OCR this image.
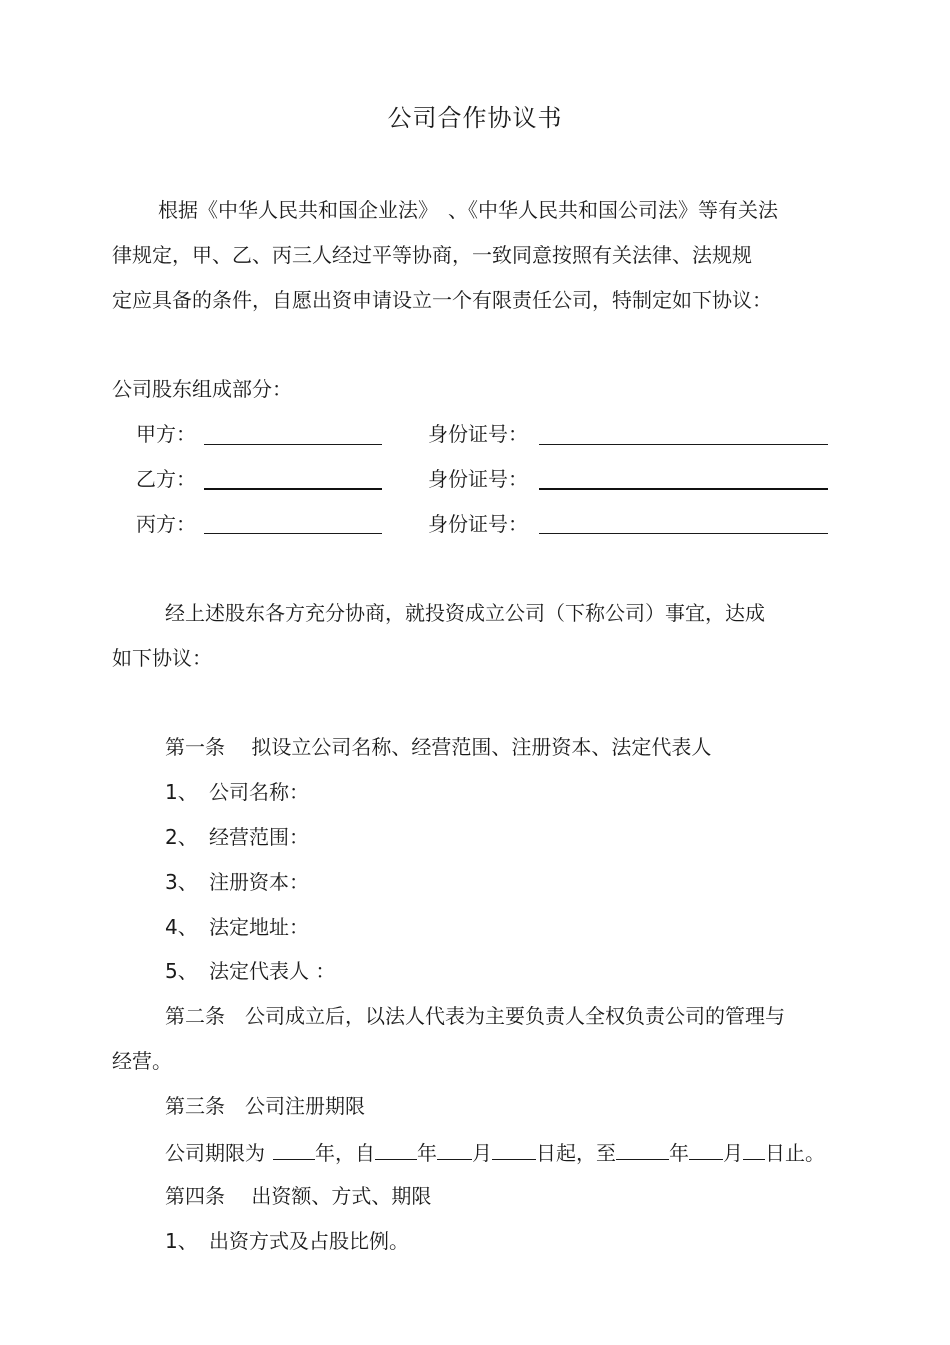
公司合作协议书
根据《中华人民共和国企业法》　、《中华人民共和国公司法》等有关法
律规定，甲、乙、丙三人经过平等协商，一致同意按照有关法律、法规规
定应具备的条件，自愿出资申请设立一个有限责任公司，特制定如下协议：
公司股东组成部分：
甲方：	身份证号：
乙方：	身份证号：
丙方：	身份证号：
经上述股东各方充分协商，就投资成立公司（下称公司）事宜，达成
如下协议：
第一条　 拟设立公司名称、经营范围、注册资本、法定代表人
1、 公司名称：
2、 经营范围：
3、 注册资本：
4、 法定地址：
5、 法定代表人 ：
第二条　公司成立后，以法人代表为主要负责人全权负责公司的管理与
经营。
第三条　公司注册期限
公司期限为	年，自 年 月 日起，至	年 月 日止。
第四条　 出资额、方式、期限
1、 出资方式及占股比例。
